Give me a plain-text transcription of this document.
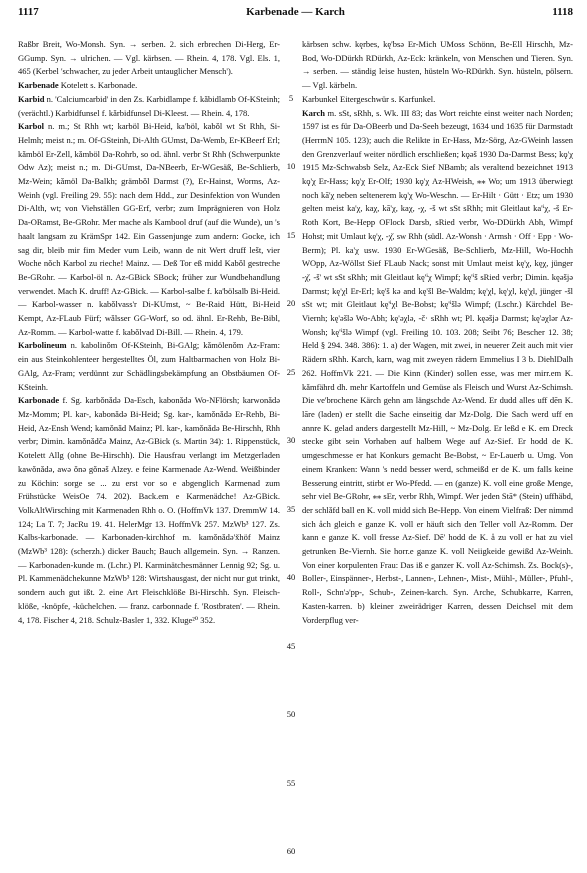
1117	Karbenade — Karch	1118

Raßbr Breit, Wo-Monsh. Syn. → serben. 2. sich erbrechen Di-Herg, Er-GGump. Syn. → ulrichen. — Vgl. kärbsen. — Rhein. 4, 178. Vgl. Els. 1, 465 (Kerbel 'schwacher, zu jeder Arbeit untauglicher Mensch').

Karbenade Kotelett s. Karbonade.

Karbid n. 'Calciumcarbid' in den Zs. Karbidlampe f. kǎbidlamb Of-KSteinh; (verächtl.) Karbidfunsel f. kǎrbidfunsel Di-Kleest. — Rhein. 4, 178.

Karbol n. m.; St Rhh wt; karböl Bi-Heid, ka'böl, kabǒl wt St Rhh, Si-Helmh; meist n.; m. Of-GSteinh, Di-Alth GUmst, Da-Wemb, Er-KBeerf Erl; kǎmböl Er-Zell, kǎmböl Da-Rohrb, so od. ähnl. verbr St Rhh (Schwerpunkte Odw Az); meist n.; m. Di-GUmst, Da-NBeerb, Er-WGesäß, Be-Schlierb, Mz-Wein; kǎmöl Da-Balkh; grämbǒl Darmst (?), Er-Hainst, Worms, Az-Weinh (vgl. Freiling 29. 55): nach dem Hdd., zur Desinfektion von Wunden Di-Alth, wt; von Viehställen GG-Erf, verbr; zum Imprägnieren von Holz Da-ORamst, Be-GRohr. Mer mache als Kambool druf (auf die Wunde), un 's haalt langsam zu KrämSpr 142. Ein Gassenjunge zum andern: Gocke, ich sag dir, bleib mir fim Meder vum Leib, wann de nit Wert druff lešt, vier Woche nǒch Karbol zu rieche! Mainz. — Deß Tor eß midd Kabǒl gestreche Be-GRohr. — Karbol-öl n. Az-GBick SBock; früher zur Wundbehandlung verwendet. Mach K. druff! Az-GBick. — Karbol-salbe f. ka'bölsalb Bi-Heid. — Karbol-wasser n. kabǒlvass'r Di-KUmst, ~ Be-Raid Hütt, Bi-Heid Kempt, Az-FLaub Fürf; wǎlsser GG-Worf, so od. ähnl. Er-Rehb, Be-Bibl, Az-Romm. — Karbol-watte f. kabǒlvad Di-Bill. — Rhein. 4, 179.

Karbolineum n. kabolinǒm Of-KSteinh, Bi-GAlg; kǎmölenǒm Az-Fram: ein aus Steinkohlenteer hergestelltes Öl, zum Haltbarmachen von Holz Bi-GAlg, Az-Fram; verdünnt zur Schädlingsbekämpfung an Obstbäumen Of-KSteinh.

Karbonade f. Sg. karbǒnǎdǝ Da-Esch, kabonǎdǝ Wo-NFlörsh; karwonǎdǝ Mz-Momm; Pl. kar-, kabonǎdǝ Bi-Heid; Sg. kar-, kamǒnǎdǝ Er-Rehb, Bi-Heid, Az-Ensh Wend; kamǒnǎd Mainz; Pl. kar-, kamǒnǎdǝ Be-Hirschh, Rhh verbr; Dimin. kamǒnǎdčǝ Mainz, Az-GBick (s. Martin 34): 1. Rippenstück, Kotelett Allg (ohne Be-Hirschh). Die Hausfrau verlangt im Metzgerladen kawǒnǎdǝ, awǝ ǒnǝ gǒnǝš Alzey. e feine Karmenade Az-Wend. Weißbinder zu Köchin: sorge se ... zu erst vor so e abgenglich Karmenad zum Frühstücke WeisOe 74. 202). Back.em e Karmenädche! Az-GBick. VolkAltWirsching mit Karmenaden Rhh o. O. (HoffmVk 137. DremmW 14. 124; La T. 7; JacRu 19. 41. HelerMgr 13. HoffmVk 257. MzWb³ 127. Zs. Kalbs-karbonade. — Karbonaden-kirchhof m. kamǒnǎdǝ'x̌höf Mainz (MzWb³ 128): (scherzh.) dicker Bauch; Bauch allgemein. Syn. → Ranzen. — Karbonaden-kunde m. (Lchr.) Pl. Karminätchesmänner Lennig 92; Sg. u. Pl. Kammenädchekunne MzWb³ 128: Wirtshausgast, der nicht nur gut trinkt, sondern auch gut ißt. 2. eine Art Fleischklöße Bi-Hirschh. Syn. Fleisch-klöße, -knöpfe, -küchelchen. — franz. carbonnade f. 'Rostbraten'. — Rhein. 4, 178. Fischer 4, 218. Schulz-Basler 1, 332. Kluge²⁰ 352.

kärbsen schw. kęrbes, kę'bsǝ Er-Mich UMoss Schönn, Be-Ell Hirschh, Mz-Bod, Wo-DDürkh RDürkh, Az-Eck: kränkeln, von Menschen und Tieren. Syn. → serben. — ständig leise husten, hüsteln Wo-RDürkh. Syn. hüsteln, pölsern. — Vgl. kärbeln.

Karbunkel Eitergeschwür s. Karfunkel.

Karch m. sSt, sRhh, s. Wk. III 83; das Wort reichte einst weiter nach Norden; 1597 ist es für Da-OBeerb und Da-Seeh bezeugt, 1634 und 1635 für Darmstadt (HerrmN 105. 123); auch die Relikte in Er-Hass, Mz-Sörg, Az-GWeinh lassen den Grenzverlauf weiter nördlich erschließen; kǫǝš 1930 Da-Darmst Bess; kǫ'χ 1915 Mz-Schwabsb Selz, Az-Eck Sief NBamb; als veraltend bezeichnet 1913 kǫ'χ Er-Hass; kǫ'χ Er-Olf; 1930 kǫ'χ Az-HWeish, ⁎⁎ Wo; um 1913 überwiegt noch kā'χ neben seltenerem kǫ'χ Wo-Weschn. — Er-Hilt · Gütt · Etz; um 1930 gelten meist ka'χ, kaχ, kā'χ, kaχ, -χ, -š wt sSt sRhh; mit Gleitlaut ka'ⁱχ, -š Er-Roth Kort, Be-Hepp OFlock Darsb, sRied verbr, Wo-DDürkh Abh, Wimpf Hohst; mit Umlaut kę'χ, -χ̌, sw Rhh (südl. Az-Wonsh · Armsh · Off · Epp · Wo-Berm); Pl. ka'χ usw. 1930 Er-WGesäß, Be-Schlierb, Mz-Hill, Wo-Hochh WOpp, Az-Wöllst Sief FLaub Nack; sonst mit Umlaut meist kę'χ, kęχ, jünger -χ̌, -š' wt sSt sRhh; mit Gleitlaut kę'ⁱχ Wimpf; kę'ⁱš sRied verbr; Dimin. kęǝšjǝ Darmst; kę'χl Er-Erl; kę'š kǝ and kę'šl Be-Waldm; kę'χl, kę'χl, kę'χl, jünger -šl sSt wt; mit Gleitlaut kę'ⁱχl Be-Bobst; kę'ⁱšlǝ Wimpf; (Lschr.) Kärchdel Be-Viernh; kę'ǝšlǝ Wo-Abh; kę'ǝχlǝ, -č· sRhh wt; Pl. kęǝšjǝ Darmst; kę'ǝχlǝr Az-Wonsh; kę'ⁱšlǝ Wimpf (vgl. Freiling 10. 103. 208; Seibt 76; Bescher 12. 38; Held § 294. 348. 386): 1. a) der Wagen, mit zwei, in neuerer Zeit auch mit vier Rädern sRhh. Karch, karn, wag mit zweyen rädern Emmelius I 3 b. DiehlDalh 262. HoffmVk 221. — Die Kinn (Kinder) sollen esse, was mer mirr.em K. kǎmfährd dh. mehr Kartoffeln und Gemüse als Fleisch und Wurst Az-Schimsh. Die ve'brochene Kärch gehn am längschde Az-Wend. Er dudd alles uff dēn K. lāre (laden) er stellt die Sache einseitig dar Mz-Dolg. Die Sach werd uff en annre K. gelad anders dargestellt Mz-Hill, ~ Mz-Dolg. Er leßd e K. em Dreck stecke gibt sein Vorhaben auf halbem Wege auf Az-Sief. Er hodd de K. umgeschmesse er hat Konkurs gemacht Be-Bobst, ~ Er-Lauerb u. Umg. Von einem Kranken: Wann 's nedd besser werd, schmeißd er de K. um falls keine Besserung eintritt, stirbt er Wo-Pfedd. — en (ganze) K. voll eine große Menge, sehr viel Be-GRohr, ⁎⁎ sEr, verbr Rhh, Wimpf. Wer jeden Stā* (Stein) uffhäbd, der schlǎfd ball en K. voll midd sich Be-Hepp. Von einem Vielfraß: Der nimmd sich åch gleich e ganze K. voll er häuft sich den Teller voll Az-Romm. Der kann e ganze K. voll fresse Az-Sief. Dē' hodd de K. å zu voll er hat zu viel getrunken Be-Viernh. Sie horr.e ganze K. voll Neiigkeide gewißd Az-Weinh. Von einer korpulenten Frau: Das iß e ganzer K. voll Az-Schimsh. Zs. Bock(s)-, Boller-, Einspänner-, Herbst-, Lannen-, Lehnen-, Mist-, Mühl-, Müller-, Pfuhl-, Roll-, Schn'ǝ'pp-, Schub-, Zeinen-karch. Syn. Arche, Schubkarre, Karren, Kasten-karren. b) kleiner zweirädriger Karren, dessen Deichsel mit dem Vorderpflug ver-

5
10
15
20
25
30
35
40
45
50
55
60
